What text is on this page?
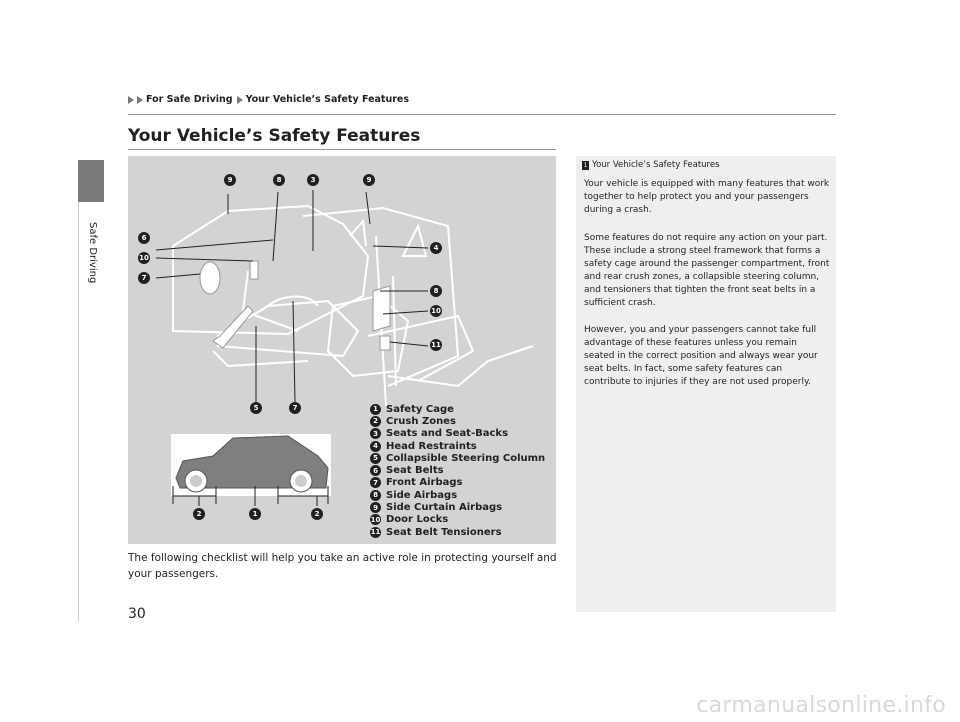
Safe Driving
For Safe Driving Your Vehicle’s Safety Features
Your Vehicle’s Safety Features
9	8	3	9
6
4
10
7
8
10
11
5	7
2	1	2
1 Safety Cage
2 Crush Zones
3 Seats and Seat-Backs
4 Head Restraints
5 Collapsible Steering Column
6 Seat Belts
7 Front Airbags
8 Side Airbags
9 Side Curtain Airbags
10 Door Locks
11 Seat Belt Tensioners

The following checklist will help you take an active role in protecting yourself and your passengers.

1 Your Vehicle’s Safety Features

Your vehicle is equipped with many features that work together to help protect you and your passengers during a crash.

Some features do not require any action on your part. These include a strong steel framework that forms a safety cage around the passenger compartment, front and rear crush zones, a collapsible steering column, and tensioners that tighten the front seat belts in a sufficient crash.

However, you and your passengers cannot take full advantage of these features unless you remain seated in the correct position and always wear your seat belts. In fact, some safety features can contribute to injuries if they are not used properly.

30

carmanualsonline.info
